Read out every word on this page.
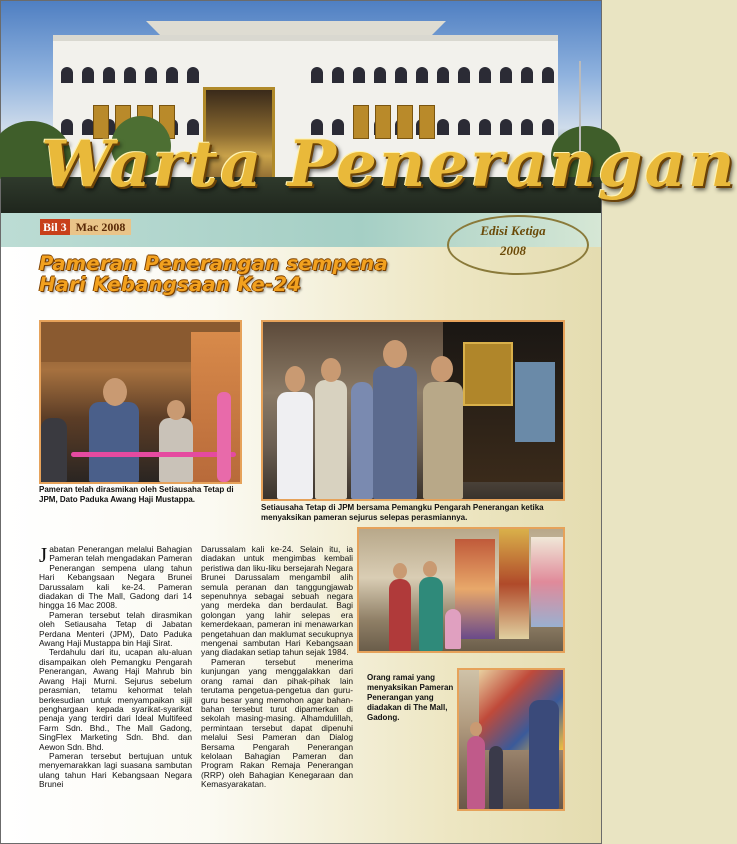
Warta Penerangan
Bil 3 Mac 2008	Edisi Ketiga
2008
Pameran Penerangan sempena
Hari Kebangsaan Ke-24
Pameran telah dirasmikan oleh Setiausaha Tetap di JPM, Dato Paduka Awang Haji Mustappa.
Setiausaha Tetap di JPM bersama Pemangku Pengarah Penerangan ketika menyaksikan pameran sejurus selepas perasmiannya.
Orang ramai yang menyaksikan Pameran Penerangan yang diadakan di The Mall, Gadong.

Jabatan Penerangan melalui Bahagian Pameran telah mengadakan Pameran Penerangan sempena ulang tahun Hari Kebangsaan Negara Brunei Darussalam kali ke-24. Pameran diadakan di The Mall, Gadong dari 14 hingga 16 Mac 2008.

Pameran tersebut telah dirasmikan oleh Setiausaha Tetap di Jabatan Perdana Menteri (JPM), Dato Paduka Awang Haji Mustappa bin Haji Sirat.

Terdahulu dari itu, ucapan alu-aluan disampaikan oleh Pemangku Pengarah Penerangan, Awang Haji Mahrub bin Awang Haji Murni. Sejurus sebelum perasmian, tetamu kehormat telah berkesudian untuk menyampaikan sijil penghargaan kepada syarikat-syarikat penaja yang terdiri dari Ideal Multifeed Farm Sdn. Bhd., The Mall Gadong, SingFlex Marketing Sdn. Bhd. dan Aewon Sdn. Bhd.

Pameran tersebut bertujuan untuk menyemarakkan lagi suasana sambutan ulang tahun Hari Kebangsaan Negara Brunei

Darussalam kali ke-24. Selain itu, ia diadakan untuk mengimbas kembali peristiwa dan liku-liku bersejarah Negara Brunei Darussalam mengambil alih semula peranan dan tanggungjawab sepenuhnya sebagai sebuah negara yang merdeka dan berdaulat. Bagi golongan yang lahir selepas era kemerdekaan, pameran ini menawarkan pengetahuan dan maklumat secukupnya mengenai sambutan Hari Kebangsaan yang diadakan setiap tahun sejak 1984.

Pameran tersebut menerima kunjungan yang menggalakkan dari orang ramai dan pihak-pihak lain terutama pengetua-pengetua dan guru-guru besar yang memohon agar bahan-bahan tersebut turut dipamerkan di sekolah masing-masing. Alhamdulillah, permintaan tersebut dapat dipenuhi melalui Sesi Pameran dan Dialog Bersama Pengarah Penerangan kelolaan Bahagian Pameran dan Program Rakan Remaja Penerangan (RRP) oleh Bahagian Kenegaraan dan Kemasyarakatan.
